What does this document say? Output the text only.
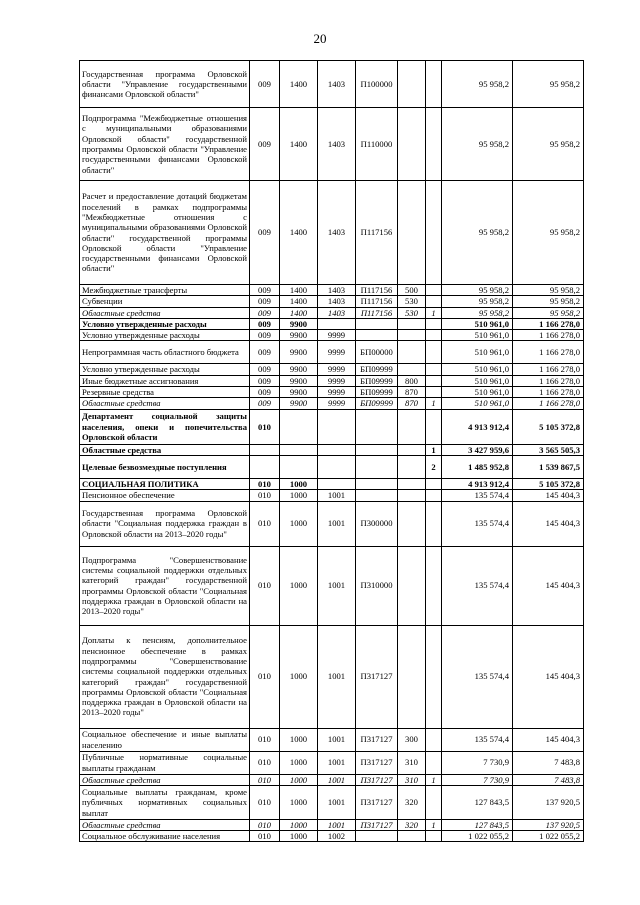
20
Государственная программа Орловской области "Управление государственными финансами Орловской области"	009	1400	1403	П100000			95 958,2	95 958,2
Подпрограмма "Межбюджетные отношения с муниципальными образованиями Орловской области" государственной программы Орловской области "Управление государственными финансами Орловской области"	009	1400	1403	П110000			95 958,2	95 958,2
Расчет и предоставление дотаций бюджетам поселений в рамках подпрограммы "Межбюджетные отношения с муниципальными образованиями Орловской области" государственной программы Орловской области "Управление государственными финансами Орловской области"	009	1400	1403	П117156			95 958,2	95 958,2
Межбюджетные трансферты	009	1400	1403	П117156	500		95 958,2	95 958,2
Субвенции	009	1400	1403	П117156	530		95 958,2	95 958,2
Областные средства	009	1400	1403	П117156	530	1	95 958,2	95 958,2
Условно утвержденные расходы	009	9900					510 961,0	1 166 278,0
Условно утвержденные расходы	009	9900	9999				510 961,0	1 166 278,0
Непрограммная часть областного бюджета	009	9900	9999	БП00000			510 961,0	1 166 278,0
Условно утвержденные расходы	009	9900	9999	БП09999			510 961,0	1 166 278,0
Иные бюджетные ассигнования	009	9900	9999	БП09999	800		510 961,0	1 166 278,0
Резервные средства	009	9900	9999	БП09999	870		510 961,0	1 166 278,0
Областные средства	009	9900	9999	БП09999	870	1	510 961,0	1 166 278,0
Департамент социальной защиты населения, опеки и попечительства Орловской области	010						4 913 912,4	5 105 372,8
Областные средства						1	3 427 959,6	3 565 505,3
Целевые безвозмездные поступления						2	1 485 952,8	1 539 867,5
СОЦИАЛЬНАЯ ПОЛИТИКА	010	1000					4 913 912,4	5 105 372,8
Пенсионное обеспечение	010	1000	1001				135 574,4	145 404,3
Государственная программа Орловской области "Социальная поддержка граждан в Орловской области на 2013–2020 годы"	010	1000	1001	П300000			135 574,4	145 404,3
Подпрограмма "Совершенствование системы социальной поддержки отдельных категорий граждан" государственной программы Орловской области "Социальная поддержка граждан в Орловской области на 2013–2020 годы"	010	1000	1001	П310000			135 574,4	145 404,3
Доплаты к пенсиям, дополнительное пенсионное обеспечение в рамках подпрограммы "Совершенствование системы социальной поддержки отдельных категорий граждан" государственной программы Орловской области "Социальная поддержка граждан в Орловской области на 2013–2020 годы"	010	1000	1001	П317127			135 574,4	145 404,3
Социальное обеспечение и иные выплаты населению	010	1000	1001	П317127	300		135 574,4	145 404,3
Публичные нормативные социальные выплаты гражданам	010	1000	1001	П317127	310		7 730,9	7 483,8
Областные средства	010	1000	1001	П317127	310	1	7 730,9	7 483,8
Социальные выплаты гражданам, кроме публичных нормативных социальных выплат	010	1000	1001	П317127	320		127 843,5	137 920,5
Областные средства	010	1000	1001	П317127	320	1	127 843,5	137 920,5
Социальное обслуживание населения	010	1000	1002				1 022 055,2	1 022 055,2
